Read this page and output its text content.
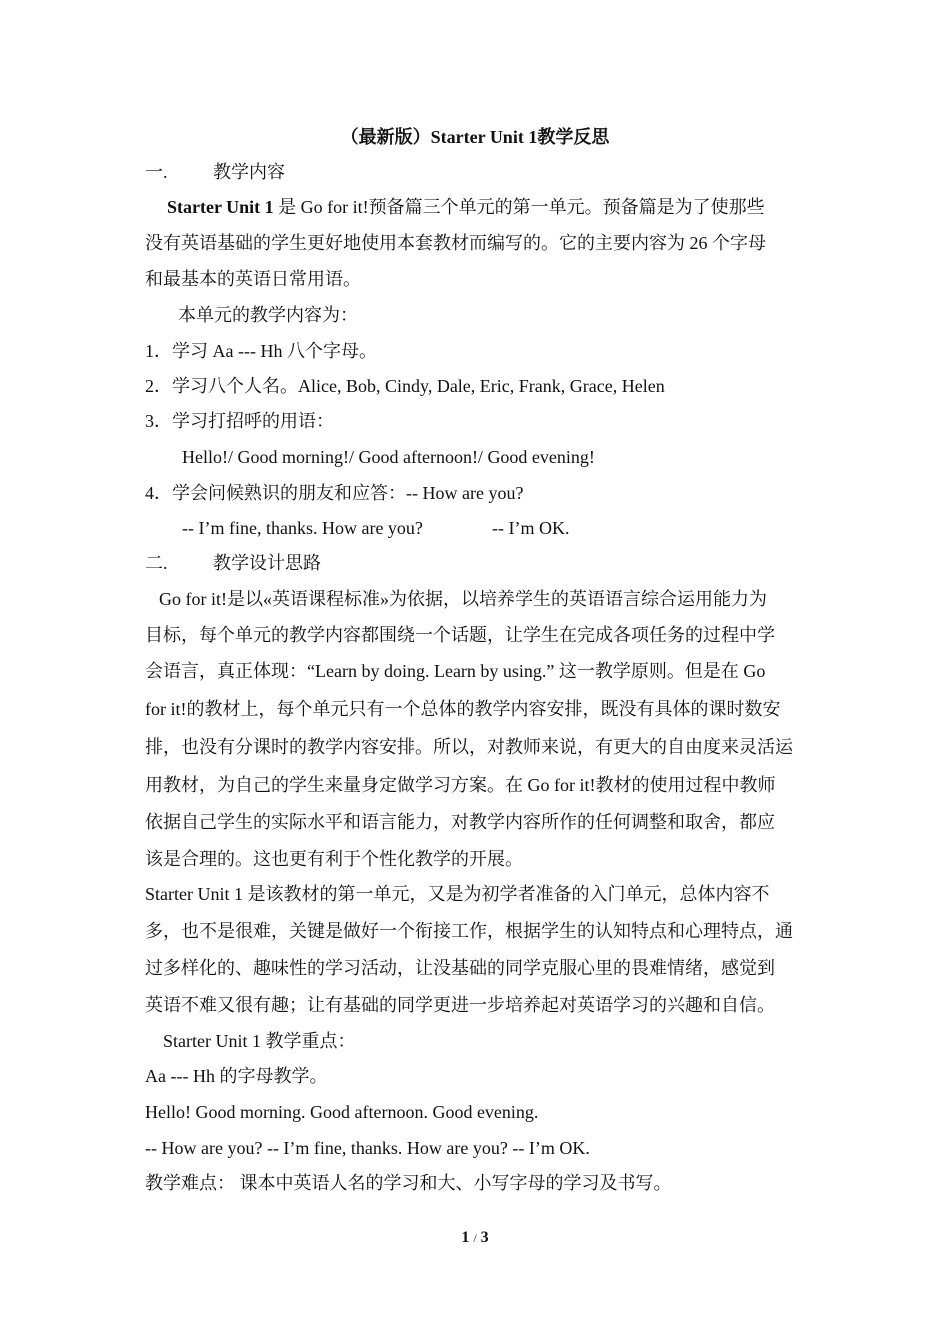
（最新版）Starter Unit 1教学反思
一.	教学内容
Starter Unit 1 是 Go for it!预备篇三个单元的第一单元。预备篇是为了使那些
没有英语基础的学生更好地使用本套教材而编写的。它的主要内容为 26 个字母
和最基本的英语日常用语。
本单元的教学内容为：
1．学习 Aa --- Hh 八个字母。
2．学习八个人名。Alice, Bob, Cindy, Dale, Eric, Frank, Grace, Helen
3．学习打招呼的用语：
Hello!/ Good morning!/ Good afternoon!/ Good evening!
4．学会问候熟识的朋友和应答：-- How are you?
-- I’m fine, thanks. How are you?	-- I’m OK.
二.	教学设计思路
Go for it!是以«英语课程标准»为依据，以培养学生的英语语言综合运用能力为
目标，每个单元的教学内容都围绕一个话题，让学生在完成各项任务的过程中学
会语言，真正体现：“Learn by doing. Learn by using.” 这一教学原则。但是在 Go
for it!的教材上，每个单元只有一个总体的教学内容安排，既没有具体的课时数安
排，也没有分课时的教学内容安排。所以，对教师来说，有更大的自由度来灵活运
用教材，为自己的学生来量身定做学习方案。在 Go for it!教材的使用过程中教师
依据自己学生的实际水平和语言能力，对教学内容所作的任何调整和取舍，都应
该是合理的。这也更有利于个性化教学的开展。
Starter Unit 1 是该教材的第一单元，又是为初学者准备的入门单元，总体内容不
多，也不是很难，关键是做好一个衔接工作，根据学生的认知特点和心理特点，通
过多样化的、趣味性的学习活动，让没基础的同学克服心里的畏难情绪，感觉到
英语不难又很有趣；让有基础的同学更进一步培养起对英语学习的兴趣和自信。
Starter Unit 1 教学重点：
Aa --- Hh 的字母教学。
Hello! Good morning. Good afternoon. Good evening.
-- How are you? -- I’m fine, thanks. How are you? -- I’m OK.
教学难点： 课本中英语人名的学习和大、小写字母的学习及书写。
1 / 3
